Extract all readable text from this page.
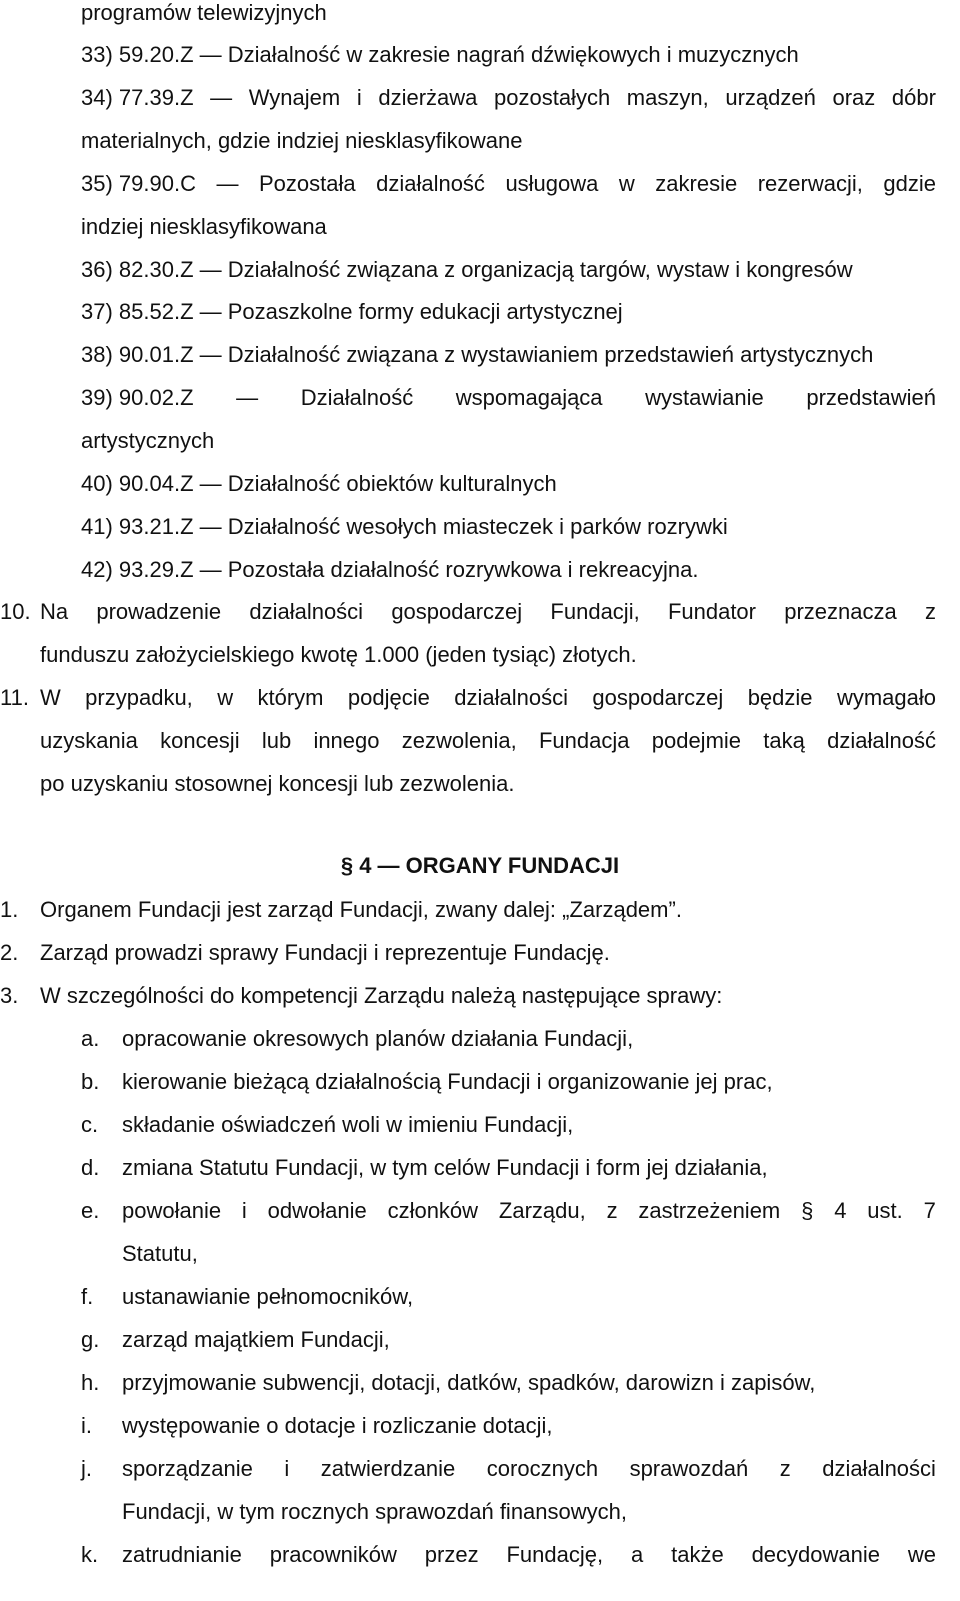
programów telewizyjnych
33) 59.20.Z — Działalność w zakresie nagrań dźwiękowych i muzycznych
34) 77.39.Z — Wynajem i dzierżawa pozostałych maszyn, urządzeń oraz dóbr
materialnych, gdzie indziej niesklasyfikowane
35) 79.90.C — Pozostała działalność usługowa w zakresie rezerwacji, gdzie
indziej niesklasyfikowana
36) 82.30.Z — Działalność związana z organizacją targów, wystaw i kongresów
37) 85.52.Z — Pozaszkolne formy edukacji artystycznej
38) 90.01.Z — Działalność związana z wystawianiem przedstawień artystycznych
39) 90.02.Z — Działalność wspomagająca wystawianie przedstawień
artystycznych
40) 90.04.Z — Działalność obiektów kulturalnych
41) 93.21.Z — Działalność wesołych miasteczek i parków rozrywki
42) 93.29.Z — Pozostała działalność rozrywkowa i rekreacyjna.
10. Na prowadzenie działalności gospodarczej Fundacji, Fundator przeznacza z
funduszu założycielskiego kwotę 1.000 (jeden tysiąc) złotych.
11. W przypadku, w którym podjęcie działalności gospodarczej będzie wymagało
uzyskania koncesji lub innego zezwolenia, Fundacja podejmie taką działalność
po uzyskaniu stosownej koncesji lub zezwolenia.
§ 4 — ORGANY FUNDACJI
1. Organem Fundacji jest zarząd Fundacji, zwany dalej: „Zarządem”.
2. Zarząd prowadzi sprawy Fundacji i reprezentuje Fundację.
3. W szczególności do kompetencji Zarządu należą następujące sprawy:
a. opracowanie okresowych planów działania Fundacji,
b. kierowanie bieżącą działalnością Fundacji i organizowanie jej prac,
c. składanie oświadczeń woli w imieniu Fundacji,
d. zmiana Statutu Fundacji, w tym celów Fundacji i form jej działania,
e. powołanie i odwołanie członków Zarządu, z zastrzeżeniem § 4 ust. 7
Statutu,
f. ustanawianie pełnomocników,
g. zarząd majątkiem Fundacji,
h. przyjmowanie subwencji, dotacji, datków, spadków, darowizn i zapisów,
i. występowanie o dotacje i rozliczanie dotacji,
j. sporządzanie i zatwierdzanie corocznych sprawozdań z działalności
Fundacji, w tym rocznych sprawozdań finansowych,
k. zatrudnianie pracowników przez Fundację, a także decydowanie we
